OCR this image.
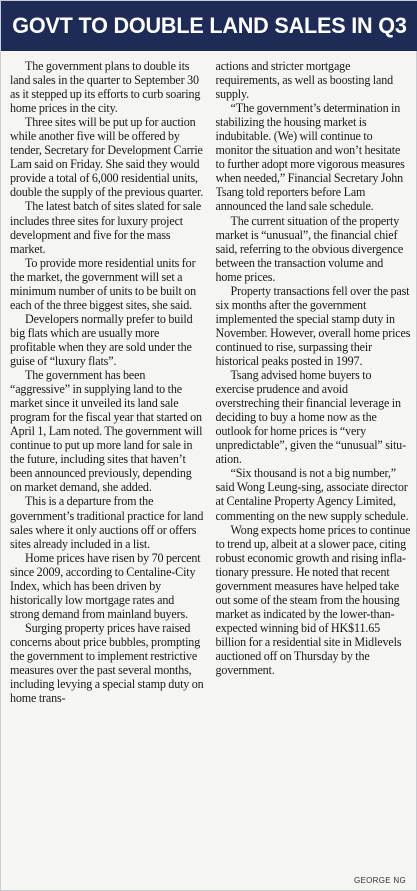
GOVT TO DOUBLE LAND SALES IN Q3

The government plans to double its land sales in the quarter to September 30 as it stepped up its efforts to curb soaring home prices in the city.

Three sites will be put up for auction while another five will be offered by tender, Secretary for Development Carrie Lam said on Friday. She said they would provide a total of 6,000 residential units, double the supply of the previous quarter.

The latest batch of sites slated for sale includes three sites for luxury project development and five for the mass market.

To provide more residential units for the market, the government will set a minimum number of units to be built on each of the three biggest sites, she said.

Developers normally prefer to build big flats which are usually more profitable when they are sold under the guise of “luxury flats”.

The government has been “aggressive” in supplying land to the market since it unveiled its land sale program for the fiscal year that started on April 1, Lam noted. The government will continue to put up more land for sale in the future, including sites that haven’t been announced previously, depending on market demand, she added.

This is a departure from the government’s traditional practice for land sales where it only auctions off or offers sites already included in a list.

Home prices have risen by 70 percent since 2009, according to Centaline-City Index, which has been driven by historically low mortgage rates and strong demand from mainland buyers.

Surging property prices have raised concerns about price bubbles, prompting the government to implement restrictive measures over the past several months, including levying a special stamp duty on home trans-

actions and stricter mortgage requirements, as well as boosting land supply.

“The government’s determination in stabilizing the housing market is indubitable. (We) will continue to monitor the situation and won’t hesitate to further adopt more vigorous measures when needed,” Financial Secretary John Tsang told reporters before Lam announced the land sale schedule.

The current situation of the property market is “unusual”, the financial chief said, referring to the obvious divergence between the transaction volume and home prices.

Property transactions fell over the past six months after the government implemented the special stamp duty in November. However, overall home prices continued to rise, surpassing their historical peaks posted in 1997.

Tsang advised home buyers to exercise prudence and avoid overstreching their financial leverage in deciding to buy a home now as the outlook for home prices is “very unpredictable”, given the “unusual” situation.

“Six thousand is not a big number,” said Wong Leung-sing, associate director at Centaline Property Agency Limited, commenting on the new supply schedule.

Wong expects home prices to continue to trend up, albeit at a slower pace, citing robust economic growth and rising inflationary pressure. He noted that recent government measures have helped take out some of the steam from the housing market as indicated by the lower-than-expected winning bid of HK$11.65 billion for a residential site in Midlevels auctioned off on Thursday by the government.

GEORGE NG
